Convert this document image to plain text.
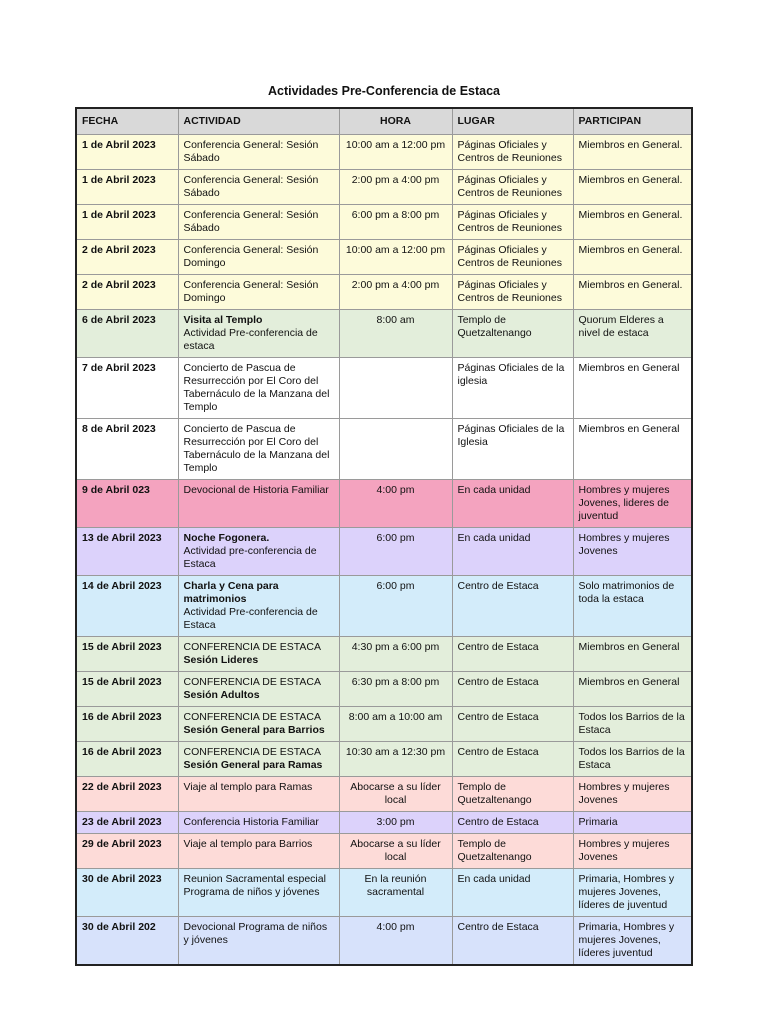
Actividades Pre-Conferencia de Estaca
FECHA	ACTIVIDAD	HORA	LUGAR	PARTICIPAN
1 de Abril 2023	Conferencia General: Sesión Sábado	10:00 am a 12:00 pm	Páginas Oficiales y Centros de Reuniones	Miembros en General.
1 de Abril 2023	Conferencia General: Sesión Sábado	2:00 pm a 4:00 pm	Páginas Oficiales y Centros de Reuniones	Miembros en General.
1 de Abril 2023	Conferencia General: Sesión Sábado	6:00 pm a 8:00 pm	Páginas Oficiales y Centros de Reuniones	Miembros en General.
2 de Abril 2023	Conferencia General: Sesión Domingo	10:00 am a 12:00 pm	Páginas Oficiales y Centros de Reuniones	Miembros en General.
2 de Abril 2023	Conferencia General: Sesión Domingo	2:00 pm a 4:00 pm	Páginas Oficiales y Centros de Reuniones	Miembros en General.
6 de Abril 2023	Visita al Templo
Actividad Pre-conferencia de estaca	8:00 am	Templo de Quetzaltenango	Quorum Elderes a nivel de estaca
7 de Abril 2023	Concierto de Pascua de Resurrección por El Coro del Tabernáculo de la Manzana del Templo		Páginas Oficiales de la iglesia	Miembros en General
8 de Abril 2023	Concierto de Pascua de Resurrección por El Coro del Tabernáculo de la Manzana del Templo		Páginas Oficiales de la Iglesia	Miembros en General
9 de Abril 023	Devocional de Historia Familiar	4:00 pm	En cada unidad	Hombres y mujeres Jovenes, lideres de juventud
13 de Abril 2023	Noche Fogonera.
Actividad pre-conferencia de Estaca	6:00 pm	En cada unidad	Hombres y mujeres Jovenes
14 de Abril 2023	Charla y Cena para matrimonios
Actividad Pre-conferencia de Estaca	6:00 pm	Centro de Estaca	Solo matrimonios de toda la estaca
15 de Abril 2023	CONFERENCIA DE ESTACA
Sesión Lideres	4:30 pm a 6:00 pm	Centro de Estaca	Miembros en General
15 de Abril 2023	CONFERENCIA DE ESTACA
Sesión Adultos	6:30 pm a 8:00 pm	Centro de Estaca	Miembros en General
16 de Abril 2023	CONFERENCIA DE ESTACA
Sesión General para Barrios	8:00 am a 10:00 am	Centro de Estaca	Todos los Barrios de la Estaca
16 de Abril 2023	CONFERENCIA DE ESTACA
Sesión General para Ramas	10:30 am a 12:30 pm	Centro de Estaca	Todos los Barrios de la Estaca
22 de Abril 2023	Viaje al templo para Ramas	Abocarse a su líder local	Templo de Quetzaltenango	Hombres y mujeres Jovenes
23 de Abril 2023	Conferencia Historia Familiar	3:00 pm	Centro de Estaca	Primaria
29 de Abril 2023	Viaje al templo para Barrios	Abocarse a su líder local	Templo de Quetzaltenango	Hombres y mujeres Jovenes
30 de Abril 2023	Reunion Sacramental especial Programa de niños y jóvenes	En la reunión sacramental	En cada unidad	Primaria, Hombres y mujeres Jovenes, líderes de juventud
30 de Abril 202	Devocional Programa de niños y jóvenes	4:00 pm	Centro de Estaca	Primaria, Hombres y mujeres Jovenes, líderes juventud
